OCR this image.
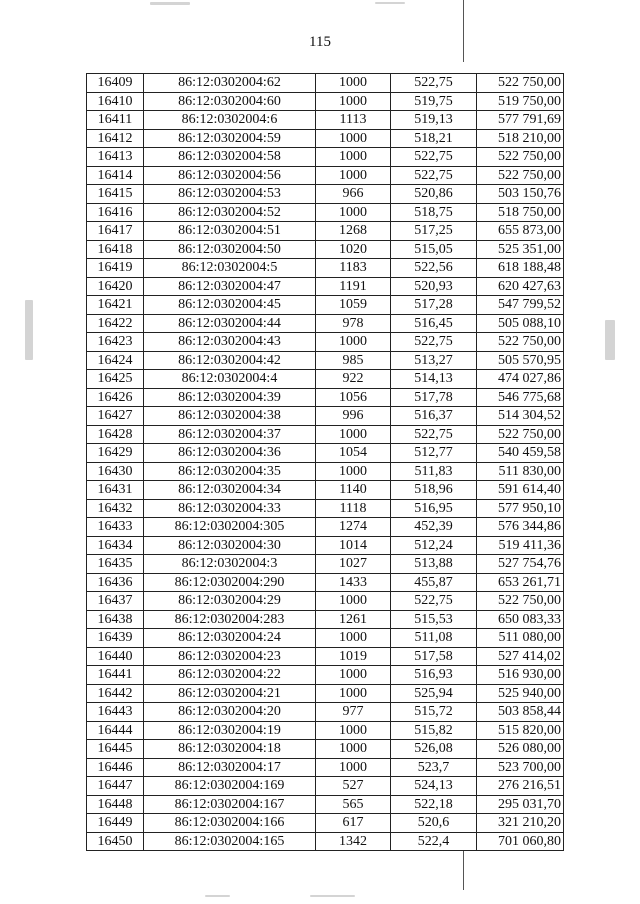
115
16409	86:12:0302004:62	1000	522,75	522 750,00
16410	86:12:0302004:60	1000	519,75	519 750,00
16411	86:12:0302004:6	1113	519,13	577 791,69
16412	86:12:0302004:59	1000	518,21	518 210,00
16413	86:12:0302004:58	1000	522,75	522 750,00
16414	86:12:0302004:56	1000	522,75	522 750,00
16415	86:12:0302004:53	966	520,86	503 150,76
16416	86:12:0302004:52	1000	518,75	518 750,00
16417	86:12:0302004:51	1268	517,25	655 873,00
16418	86:12:0302004:50	1020	515,05	525 351,00
16419	86:12:0302004:5	1183	522,56	618 188,48
16420	86:12:0302004:47	1191	520,93	620 427,63
16421	86:12:0302004:45	1059	517,28	547 799,52
16422	86:12:0302004:44	978	516,45	505 088,10
16423	86:12:0302004:43	1000	522,75	522 750,00
16424	86:12:0302004:42	985	513,27	505 570,95
16425	86:12:0302004:4	922	514,13	474 027,86
16426	86:12:0302004:39	1056	517,78	546 775,68
16427	86:12:0302004:38	996	516,37	514 304,52
16428	86:12:0302004:37	1000	522,75	522 750,00
16429	86:12:0302004:36	1054	512,77	540 459,58
16430	86:12:0302004:35	1000	511,83	511 830,00
16431	86:12:0302004:34	1140	518,96	591 614,40
16432	86:12:0302004:33	1118	516,95	577 950,10
16433	86:12:0302004:305	1274	452,39	576 344,86
16434	86:12:0302004:30	1014	512,24	519 411,36
16435	86:12:0302004:3	1027	513,88	527 754,76
16436	86:12:0302004:290	1433	455,87	653 261,71
16437	86:12:0302004:29	1000	522,75	522 750,00
16438	86:12:0302004:283	1261	515,53	650 083,33
16439	86:12:0302004:24	1000	511,08	511 080,00
16440	86:12:0302004:23	1019	517,58	527 414,02
16441	86:12:0302004:22	1000	516,93	516 930,00
16442	86:12:0302004:21	1000	525,94	525 940,00
16443	86:12:0302004:20	977	515,72	503 858,44
16444	86:12:0302004:19	1000	515,82	515 820,00
16445	86:12:0302004:18	1000	526,08	526 080,00
16446	86:12:0302004:17	1000	523,7	523 700,00
16447	86:12:0302004:169	527	524,13	276 216,51
16448	86:12:0302004:167	565	522,18	295 031,70
16449	86:12:0302004:166	617	520,6	321 210,20
16450	86:12:0302004:165	1342	522,4	701 060,80
